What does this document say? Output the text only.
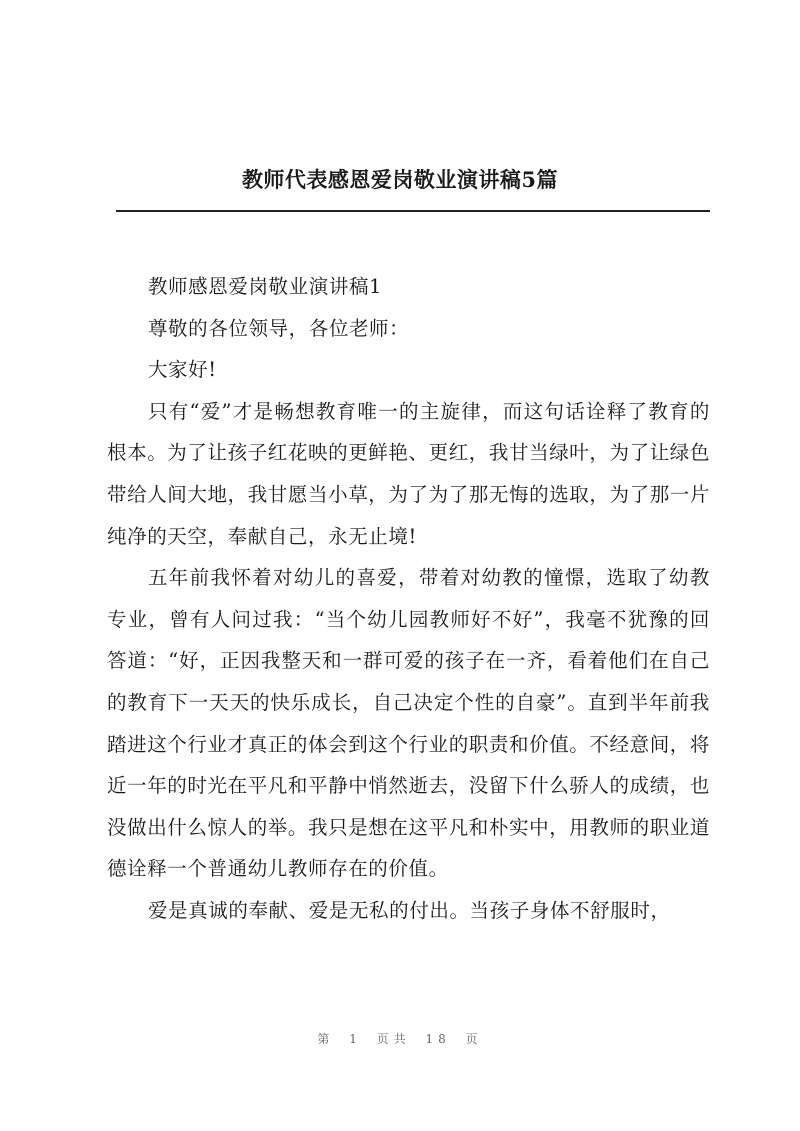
教师代表感恩爱岗敬业演讲稿5篇

教师感恩爱岗敬业演讲稿1

尊敬的各位领导，各位老师：

大家好!

只有“爱”才是畅想教育唯一的主旋律，而这句话诠释了教育的根本。为了让孩子红花映的更鲜艳、更红，我甘当绿叶，为了让绿色带给人间大地，我甘愿当小草，为了为了那无悔的选取，为了那一片纯净的天空，奉献自己，永无止境!

五年前我怀着对幼儿的喜爱，带着对幼教的憧憬，选取了幼教专业，曾有人问过我：“当个幼儿园教师好不好”，我毫不犹豫的回答道：“好，正因我整天和一群可爱的孩子在一齐，看着他们在自己的教育下一天天的快乐成长，自己决定个性的自豪”。直到半年前我踏进这个行业才真正的体会到这个行业的职责和价值。不经意间，将近一年的时光在平凡和平静中悄然逝去，没留下什么骄人的成绩，也没做出什么惊人的举。我只是想在这平凡和朴实中，用教师的职业道德诠释一个普通幼儿教师存在的价值。

爱是真诚的奉献、爱是无私的付出。当孩子身体不舒服时，

第 1 页共 18 页
